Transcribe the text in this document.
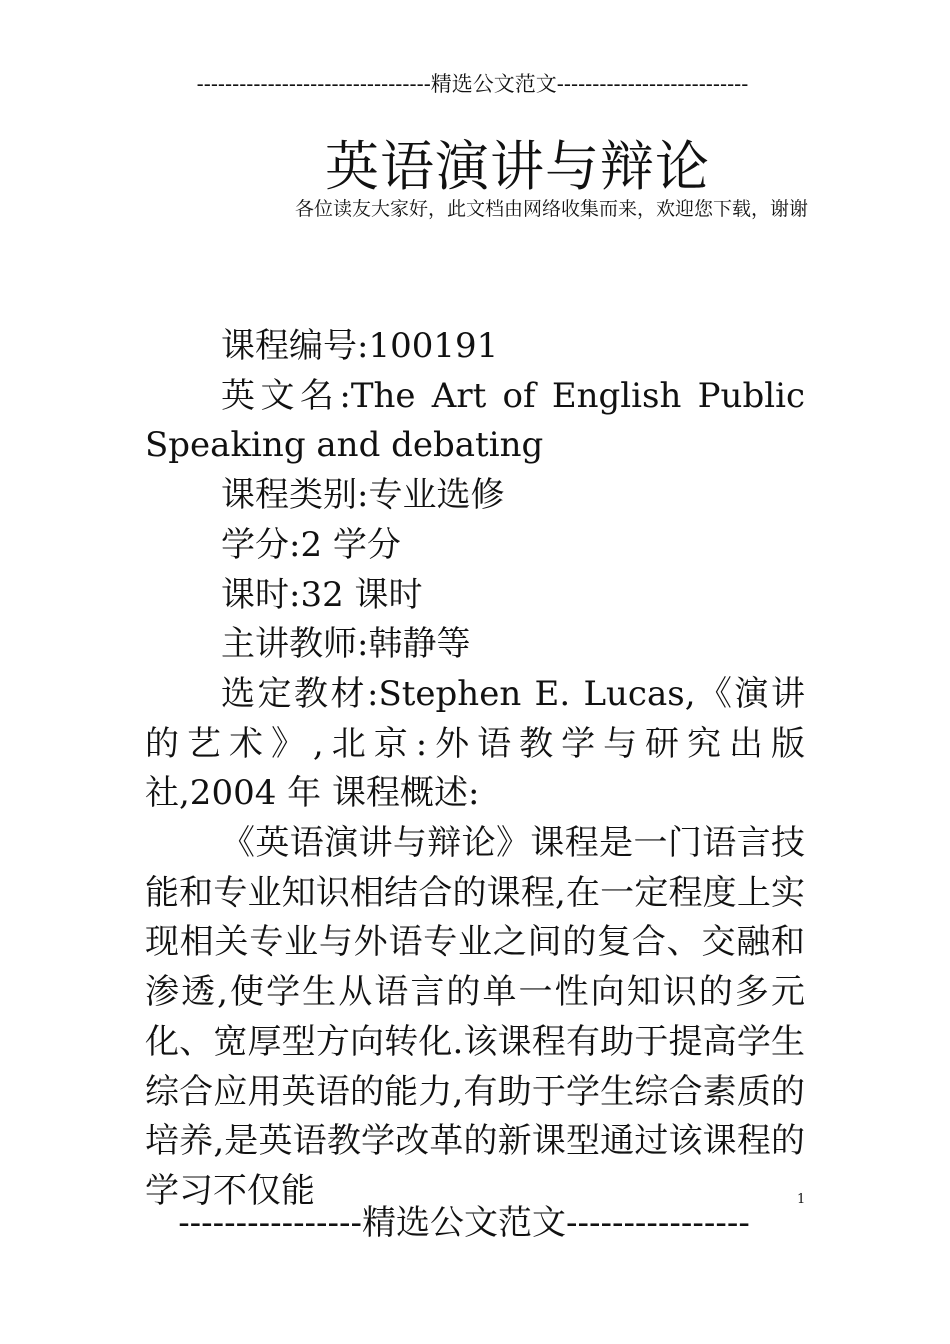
---------------------------------精选公文范文---------------------------
英语演讲与辩论
各位读友大家好，此文档由网络收集而来，欢迎您下载，谢谢

课程编号:100191

英文名:The Art of English Public Speaking and debating

课程类别:专业选修

学分:2 学分

课时:32 课时

主讲教师:韩静等

选定教材:Stephen E. Lucas,《演讲的艺术》,北京:外语教学与研究出版社,2004 年 课程概述:

《英语演讲与辩论》课程是一门语言技能和专业知识相结合的课程,在一定程度上实现相关专业与外语专业之间的复合、交融和渗透,使学生从语言的单一性向知识的多元化、宽厚型方向转化.该课程有助于提高学生综合应用英语的能力,有助于学生综合素质的培养,是英语教学改革的新课型通过该课程的学习不仅能

----------------精选公文范文----------------
1
